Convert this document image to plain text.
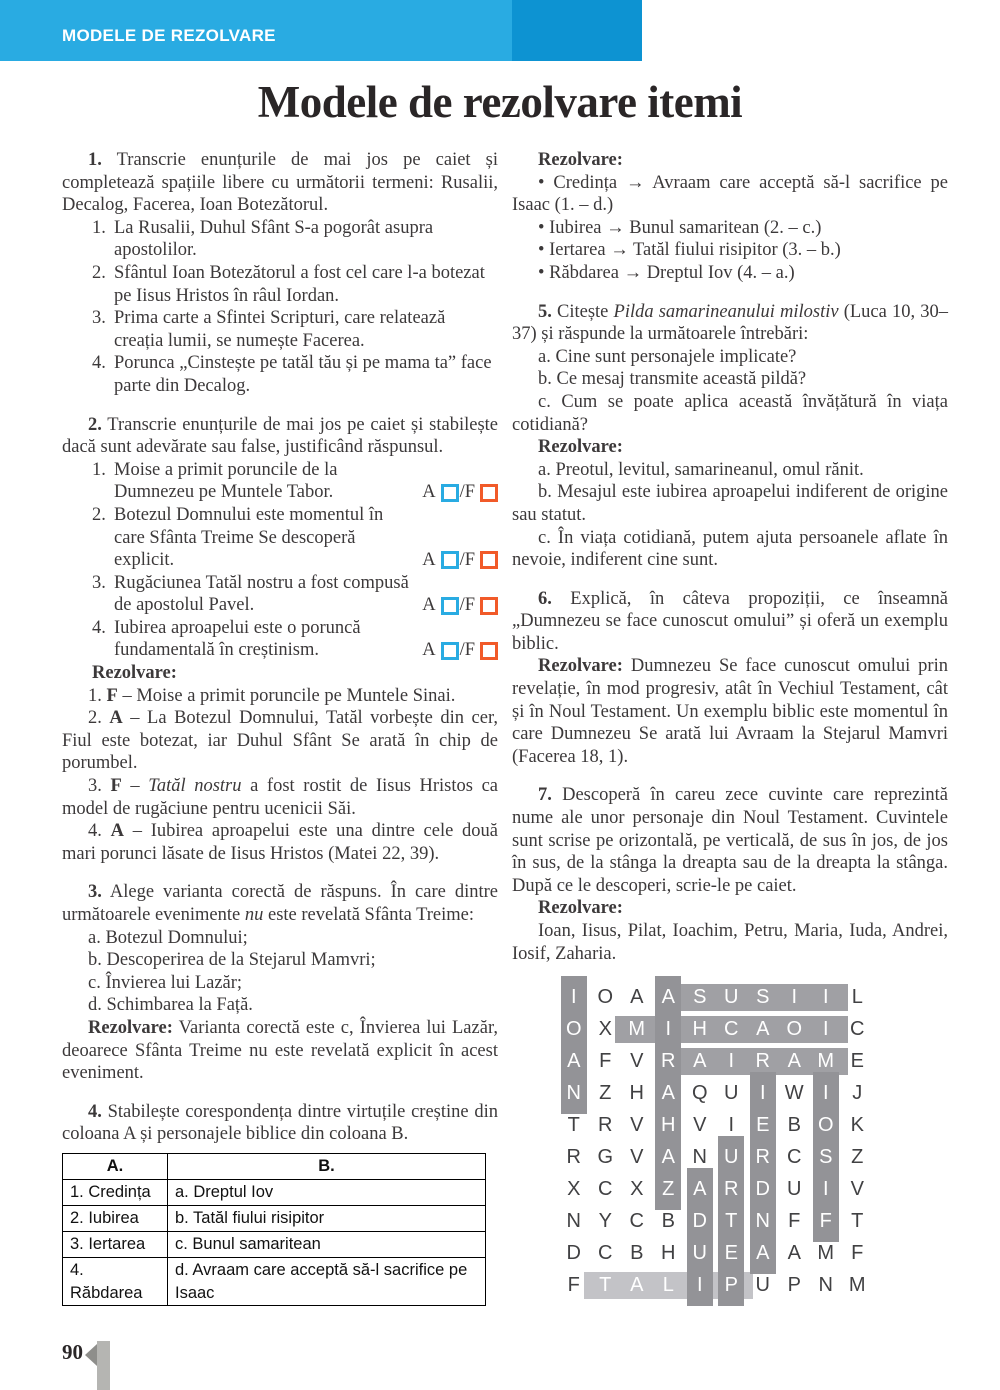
MODELE DE REZOLVARE
Modele de rezolvare itemi

1. Transcrie enunțurile de mai jos pe caiet și completează spațiile libere cu următorii termeni: Rusalii, Decalog, Facerea, Ioan Botezătorul.

1. La Rusalii, Duhul Sfânt S-a pogorât asupra apostolilor.
2. Sfântul Ioan Botezătorul a fost cel care l-a botezat pe Iisus Hristos în râul Iordan.
3. Prima carte a Sfintei Scripturi, care relatează creația lumii, se numește Facerea.
4. Porunca „Cinstește pe tatăl tău și pe mama ta” face parte din Decalog.

2. Transcrie enunțurile de mai jos pe caiet și stabilește dacă sunt adevărate sau false, justificând răspunsul.

1. Moise a primit poruncile de la Dumnezeu pe Muntele Tabor.	A /F
2. Botezul Domnului este momentul în care Sfânta Treime Se descoperă explicit.	A /F
3. Rugăciunea Tatăl nostru a fost compusă de apostolul Pavel.	A /F
4. Iubirea aproapelui este o poruncă fundamentală în creștinism.	A /F

Rezolvare:

1. F – Moise a primit poruncile pe Muntele Sinai.

2. A – La Botezul Domnului, Tatăl vorbește din cer, Fiul este botezat, iar Duhul Sfânt Se arată în chip de porumbel.

3. F – Tatăl nostru a fost rostit de Iisus Hristos ca model de rugăciune pentru ucenicii Săi.

4. A – Iubirea aproapelui este una dintre cele două mari porunci lăsate de Iisus Hristos (Matei 22, 39).

3. Alege varianta corectă de răspuns. În care dintre următoarele evenimente nu este revelată Sfânta Treime:

a. Botezul Domnului;

b. Descoperirea de la Stejarul Mamvri;

c. Învierea lui Lazăr;

d. Schimbarea la Față.

Rezolvare: Varianta corectă este c, Învierea lui Lazăr, deoarece Sfânta Treime nu este revelată explicit în acest eveniment.

4. Stabilește corespondența dintre virtuțile creștine din coloana A și personajele biblice din coloana B.

A.	B.
1. Credința	a. Dreptul Iov
2. Iubirea	b. Tatăl fiului risipitor
3. Iertarea	c. Bunul samaritean
4. Răbdarea	d. Avraam care acceptă să-l sacrifice pe Isaac

Rezolvare:

• Credința → Avraam care acceptă să-l sacrifice pe Isaac (1. – d.)

• Iubirea → Bunul samaritean (2. – c.)

• Iertarea → Tatăl fiului risipitor (3. – b.)

• Răbdarea → Dreptul Iov (4. – a.)

5. Citește Pilda samarineanului milostiv (Luca 10, 30–37) și răspunde la următoarele întrebări:

a. Cine sunt personajele implicate?

b. Ce mesaj transmite această pildă?

c. Cum se poate aplica această învățătură în viața cotidiană?

Rezolvare:

a. Preotul, levitul, samarineanul, omul rănit.

b. Mesajul este iubirea aproapelui indiferent de origine sau statut.

c. În viața cotidiană, putem ajuta persoanele aflate în nevoie, indiferent cine sunt.

6. Explică, în câteva propoziții, ce înseamnă „Dumnezeu se face cunoscut omului” și oferă un exemplu biblic.

Rezolvare: Dumnezeu Se face cunoscut omului prin revelație, în mod progresiv, atât în Vechiul Testament, cât și în Noul Testament. Un exemplu biblic este momentul în care Dumnezeu Se arată lui Avraam la Stejarul Mamvri (Facerea 18, 1).

7. Descoperă în careu zece cuvinte care reprezintă nume ale unor personaje din Noul Testament. Cuvintele sunt scrise pe orizontală, pe verticală, de sus în jos, de jos în sus, de la stânga la dreapta sau de la dreapta la stânga. După ce le descoperi, scrie-le pe caiet.

Rezolvare:

Ioan, Iisus, Pilat, Ioachim, Petru, Maria, Iuda, Andrei, Iosif, Zaharia.

I	O A A S U S	I	I	L
O X M	I	H C A O	I	C
A F V R A	I	R A M E
N Z H A Q U	I W I	J
T R V H V	I	E B O K
R G V A N U R C S Z
X C X Z A R D U	I	V
N Y C B D T N F F T
D C B H U E A A M F
F T A L	I	P U P N M
90
